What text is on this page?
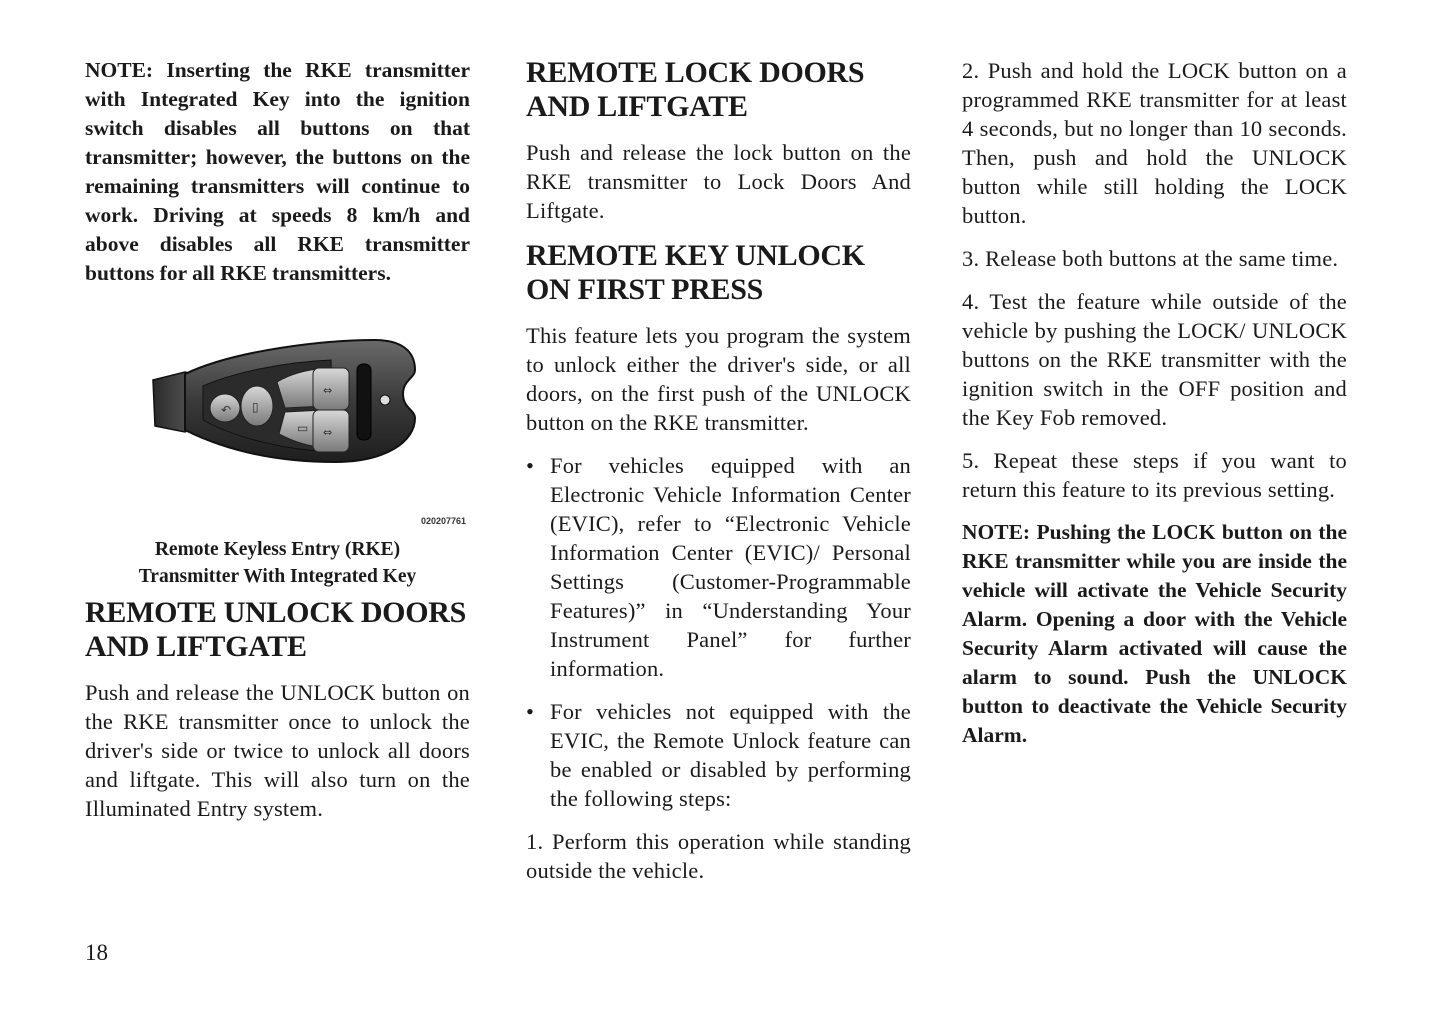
NOTE: Inserting the RKE transmitter with Integrated Key into the ignition switch disables all buttons on that transmitter; however, the buttons on the remaining transmitters will continue to work. Driving at speeds 8 km/h and above disables all RKE transmitter buttons for all RKE transmitters.

↶ ▯
▭
⇔
⇔
020207761

Remote Keyless Entry (RKE)

Transmitter With Integrated Key

REMOTE UNLOCK DOORS AND LIFTGATE

Push and release the UNLOCK button on the RKE transmitter once to unlock the driver's side or twice to unlock all doors and liftgate. This will also turn on the Illuminated Entry system.

REMOTE LOCK DOORS AND LIFTGATE

Push and release the lock button on the RKE transmitter to Lock Doors And Liftgate.

REMOTE KEY UNLOCK ON FIRST PRESS

This feature lets you program the system to unlock either the driver's side, or all doors, on the first push of the UNLOCK button on the RKE transmitter.

• For vehicles equipped with an Electronic Vehicle Information Center (EVIC), refer to “Electronic Vehicle Information Center (EVIC)/ Personal Settings (Customer-Programmable Features)” in “Understanding Your Instrument Panel” for further information.

• For vehicles not equipped with the EVIC, the Remote Unlock feature can be enabled or disabled by performing the following steps:

1. Perform this operation while standing outside the vehicle.

2. Push and hold the LOCK button on a programmed RKE transmitter for at least 4 seconds, but no longer than 10 seconds. Then, push and hold the UNLOCK button while still holding the LOCK button.

3. Release both buttons at the same time.

4. Test the feature while outside of the vehicle by pushing the LOCK/ UNLOCK buttons on the RKE transmitter with the ignition switch in the OFF position and the Key Fob removed.

5. Repeat these steps if you want to return this feature to its previous setting.

NOTE: Pushing the LOCK button on the RKE transmitter while you are inside the vehicle will activate the Vehicle Security Alarm. Opening a door with the Vehicle Security Alarm activated will cause the alarm to sound. Push the UNLOCK button to deactivate the Vehicle Security Alarm.

18
